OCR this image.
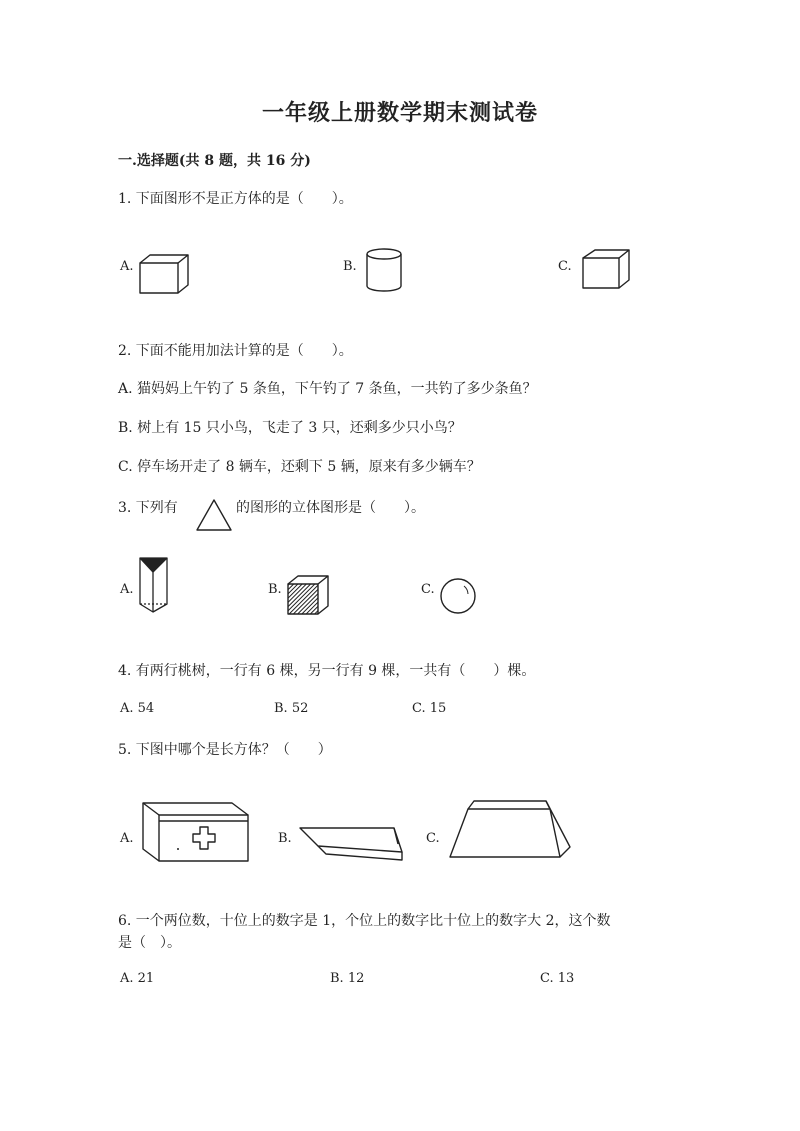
一年级上册数学期末测试卷
一.选择题(共 8 题，共 16 分)
1. 下面图形不是正方体的是（　　）。
A.	B.	C.
2. 下面不能用加法计算的是（　　）。
A. 猫妈妈上午钓了 5 条鱼，下午钓了 7 条鱼，一共钓了多少条鱼？
B. 树上有 15 只小鸟，飞走了 3 只，还剩多少只小鸟？
C. 停车场开走了 8 辆车，还剩下 5 辆，原来有多少辆车？
3. 下列有	的图形的立体图形是（　　）。
A.	B.	C.
4. 有两行桃树，一行有 6 棵，另一行有 9 棵，一共有（　　）棵。
A. 54	B. 52	C. 15
5. 下图中哪个是长方体？（　　）
A.	B.	C.
6. 一个两位数，十位上的数字是 1，个位上的数字比十位上的数字大 2，这个数
是（　）。
A. 21	B. 12	C. 13
